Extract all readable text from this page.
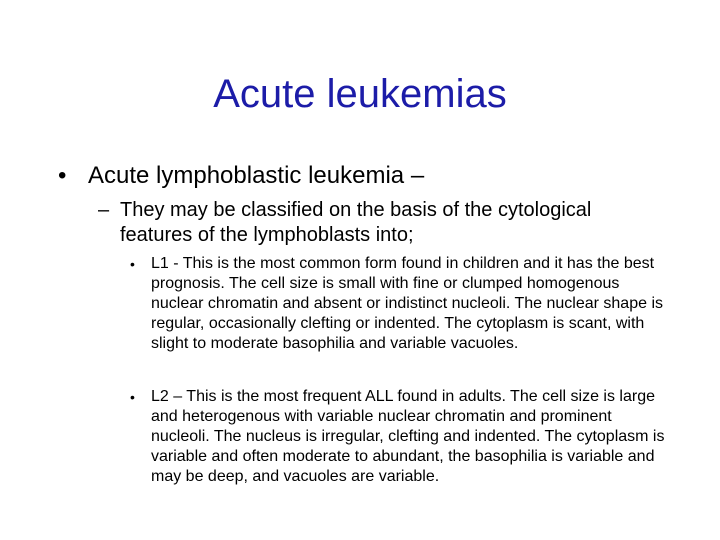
Acute leukemias
• Acute lymphoblastic leukemia –
– They may be classified on the basis of the cytological features of the lymphoblasts into;
• L1 - This is the most common form found in children and it has the best prognosis. The cell size is small with fine or clumped homogenous nuclear chromatin and absent or indistinct nucleoli. The nuclear shape is regular, occasionally clefting or indented. The cytoplasm is scant, with slight to moderate basophilia and variable vacuoles.
• L2 – This is the most frequent ALL found in adults. The cell size is large and heterogenous with variable nuclear chromatin and prominent nucleoli. The nucleus is irregular, clefting and indented. The cytoplasm is variable and often moderate to abundant, the basophilia is variable and may be deep, and vacuoles are variable.
